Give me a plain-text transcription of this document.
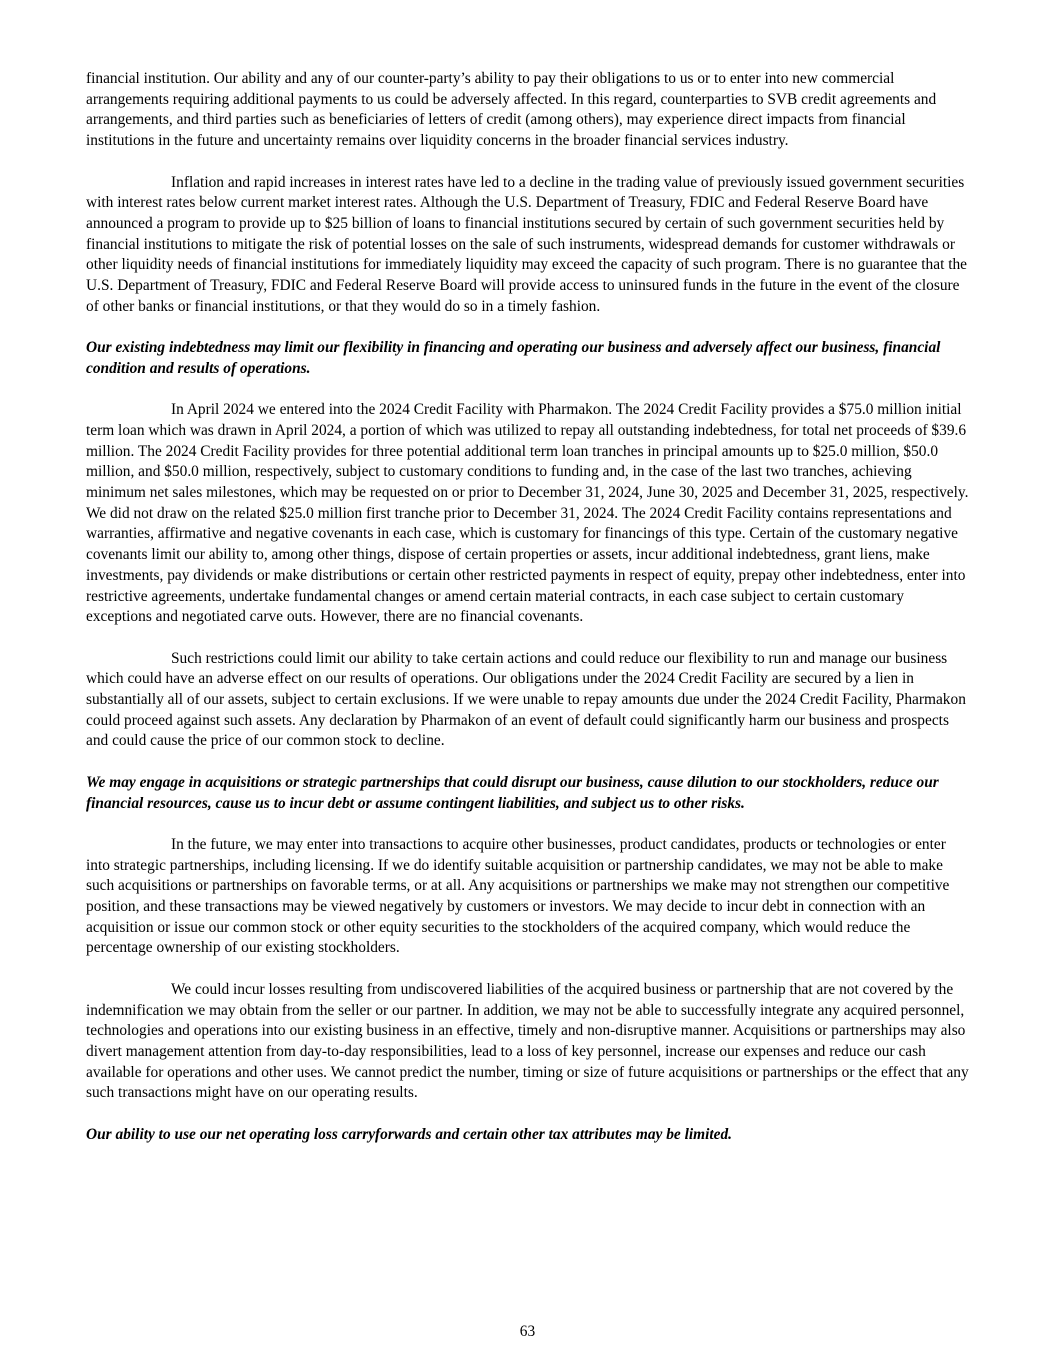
financial institution. Our ability and any of our counter-party’s ability to pay their obligations to us or to enter into new commercial arrangements requiring additional payments to us could be adversely affected. In this regard, counterparties to SVB credit agreements and arrangements, and third parties such as beneficiaries of letters of credit (among others), may experience direct impacts from financial institutions in the future and uncertainty remains over liquidity concerns in the broader financial services industry.

Inflation and rapid increases in interest rates have led to a decline in the trading value of previously issued government securities with interest rates below current market interest rates. Although the U.S. Department of Treasury, FDIC and Federal Reserve Board have announced a program to provide up to $25 billion of loans to financial institutions secured by certain of such government securities held by financial institutions to mitigate the risk of potential losses on the sale of such instruments, widespread demands for customer withdrawals or other liquidity needs of financial institutions for immediately liquidity may exceed the capacity of such program. There is no guarantee that the U.S. Department of Treasury, FDIC and Federal Reserve Board will provide access to uninsured funds in the future in the event of the closure of other banks or financial institutions, or that they would do so in a timely fashion.

Our existing indebtedness may limit our flexibility in financing and operating our business and adversely affect our business, financial condition and results of operations.

In April 2024 we entered into the 2024 Credit Facility with Pharmakon. The 2024 Credit Facility provides a $75.0 million initial term loan which was drawn in April 2024, a portion of which was utilized to repay all outstanding indebtedness, for total net proceeds of $39.6 million. The 2024 Credit Facility provides for three potential additional term loan tranches in principal amounts up to $25.0 million, $50.0 million, and $50.0 million, respectively, subject to customary conditions to funding and, in the case of the last two tranches, achieving minimum net sales milestones, which may be requested on or prior to December 31, 2024, June 30, 2025 and December 31, 2025, respectively. We did not draw on the related $25.0 million first tranche prior to December 31, 2024. The 2024 Credit Facility contains representations and warranties, affirmative and negative covenants in each case, which is customary for financings of this type. Certain of the customary negative covenants limit our ability to, among other things, dispose of certain properties or assets, incur additional indebtedness, grant liens, make investments, pay dividends or make distributions or certain other restricted payments in respect of equity, prepay other indebtedness, enter into restrictive agreements, undertake fundamental changes or amend certain material contracts, in each case subject to certain customary exceptions and negotiated carve outs. However, there are no financial covenants.

Such restrictions could limit our ability to take certain actions and could reduce our flexibility to run and manage our business which could have an adverse effect on our results of operations. Our obligations under the 2024 Credit Facility are secured by a lien in substantially all of our assets, subject to certain exclusions. If we were unable to repay amounts due under the 2024 Credit Facility, Pharmakon could proceed against such assets. Any declaration by Pharmakon of an event of default could significantly harm our business and prospects and could cause the price of our common stock to decline.

We may engage in acquisitions or strategic partnerships that could disrupt our business, cause dilution to our stockholders, reduce our financial resources, cause us to incur debt or assume contingent liabilities, and subject us to other risks.

In the future, we may enter into transactions to acquire other businesses, product candidates, products or technologies or enter into strategic partnerships, including licensing. If we do identify suitable acquisition or partnership candidates, we may not be able to make such acquisitions or partnerships on favorable terms, or at all. Any acquisitions or partnerships we make may not strengthen our competitive position, and these transactions may be viewed negatively by customers or investors. We may decide to incur debt in connection with an acquisition or issue our common stock or other equity securities to the stockholders of the acquired company, which would reduce the percentage ownership of our existing stockholders.

We could incur losses resulting from undiscovered liabilities of the acquired business or partnership that are not covered by the indemnification we may obtain from the seller or our partner. In addition, we may not be able to successfully integrate any acquired personnel, technologies and operations into our existing business in an effective, timely and non-disruptive manner. Acquisitions or partnerships may also divert management attention from day-to-day responsibilities, lead to a loss of key personnel, increase our expenses and reduce our cash available for operations and other uses. We cannot predict the number, timing or size of future acquisitions or partnerships or the effect that any such transactions might have on our operating results.

Our ability to use our net operating loss carryforwards and certain other tax attributes may be limited.

63
